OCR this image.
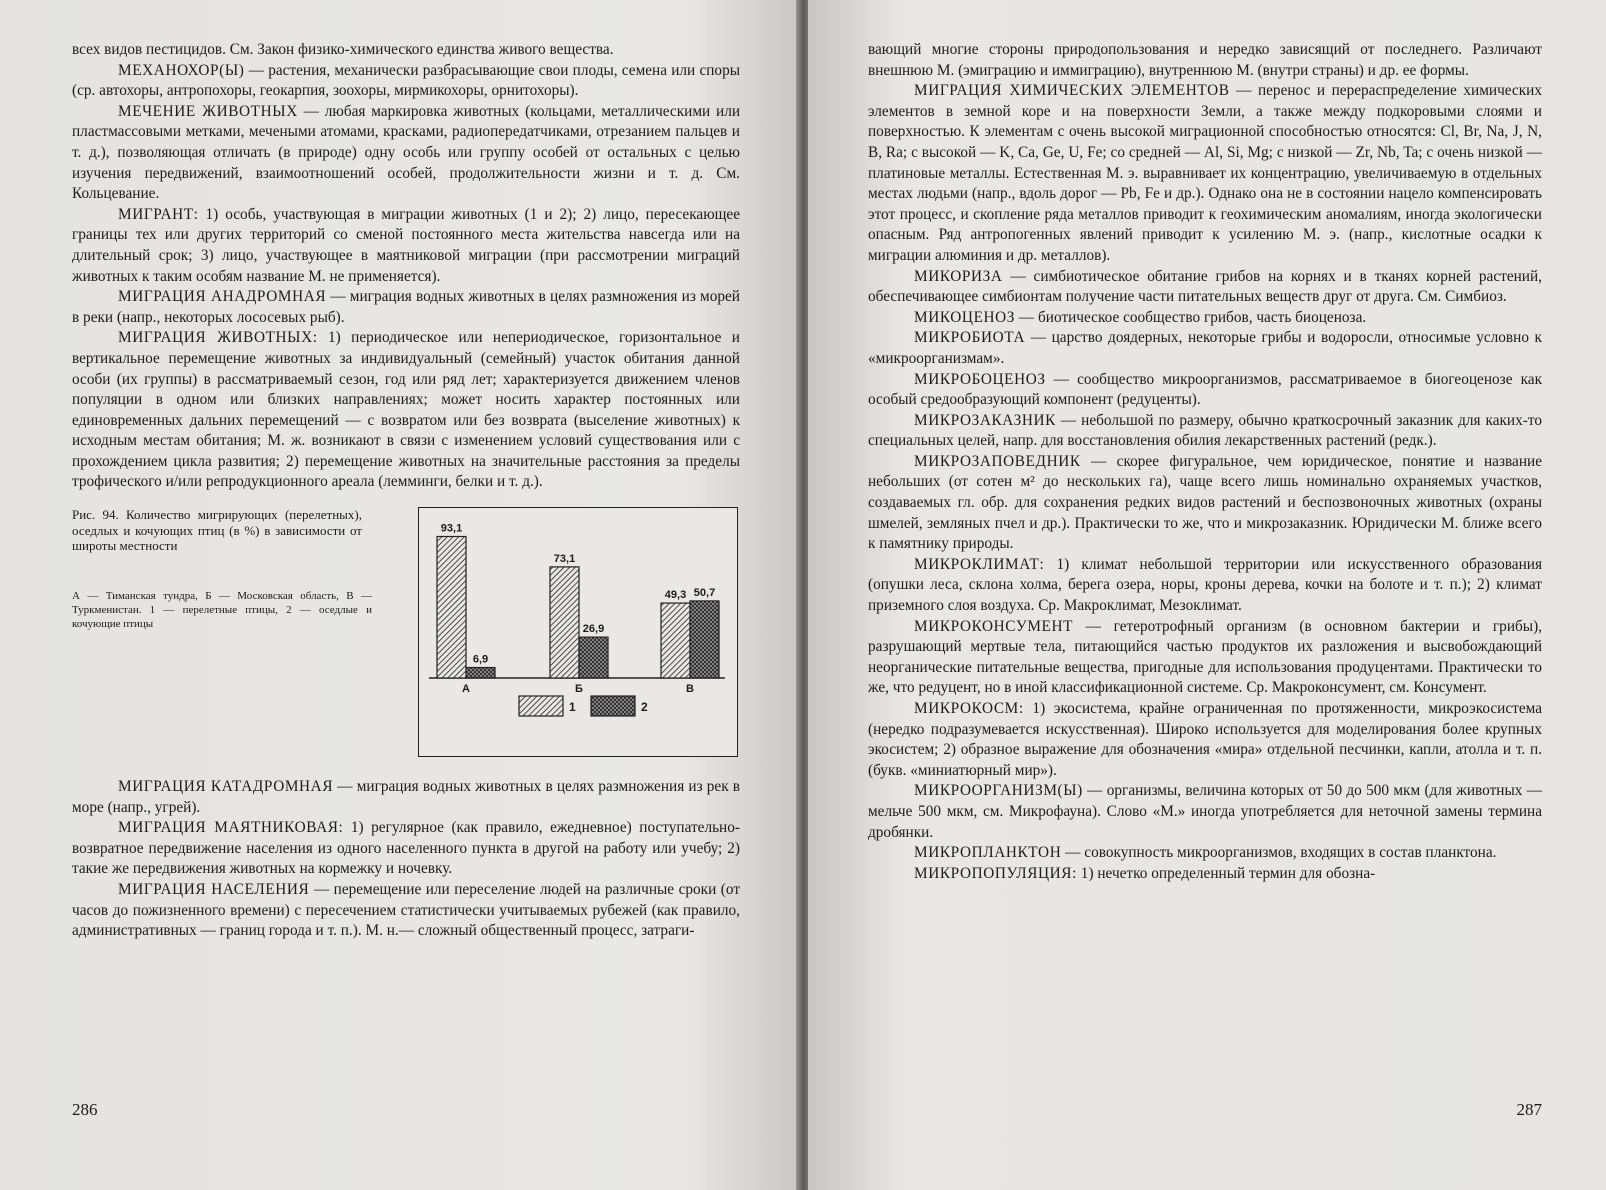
всех видов пестицидов. См. Закон физико-химического единства живого вещества.

МЕХАНОХОР(Ы) — растения, механически разбрасывающие свои плоды, семена или споры (ср. автохоры, антропохоры, геокарпия, зоохоры, мирмикохоры, орнитохоры).

МЕЧЕНИЕ ЖИВОТНЫХ — любая маркировка животных (кольцами, металлическими или пластмассовыми метками, мечеными атомами, красками, радиопередатчиками, отрезанием пальцев и т. д.), позволяющая отличать (в природе) одну особь или группу особей от остальных с целью изучения передвижений, взаимоотношений особей, продолжительности жизни и т. д. См. Кольцевание.

МИГРАНТ: 1) особь, участвующая в миграции животных (1 и 2); 2) лицо, пересекающее границы тех или других территорий со сменой постоянного места жительства навсегда или на длительный срок; 3) лицо, участвующее в маятниковой миграции (при рассмотрении миграций животных к таким особям название М. не применяется).

МИГРАЦИЯ АНАДРОМНАЯ — миграция водных животных в целях размножения из морей в реки (напр., некоторых лососевых рыб).

МИГРАЦИЯ ЖИВОТНЫХ: 1) периодическое или непериодическое, горизонтальное и вертикальное перемещение животных за индивидуальный (семейный) участок обитания данной особи (их группы) в рассматриваемый сезон, год или ряд лет; характеризуется движением членов популяции в одном или близких направлениях; может носить характер постоянных или единовременных дальних перемещений — с возвратом или без возврата (выселение животных) к исходным местам обитания; М. ж. возникают в связи с изменением условий существования или с прохождением цикла развития; 2) перемещение животных на значительные расстояния за пределы трофического и/или репродукционного ареала (лемминги, белки и т. д.).

Рис. 94. Количество мигрирующих (перелетных), оседлых и кочующих птиц (в %) в зависимости от широты местности
А — Тиманская тундра, Б — Московская область, В — Туркменистан. 1 — перелетные птицы, 2 — оседлые и кочующие птицы
93,1
6,9
А
73,1
26,9
Б
49,3 50,7
В
1	2

МИГРАЦИЯ КАТАДРОМНАЯ — миграция водных животных в целях размножения из рек в море (напр., угрей).

МИГРАЦИЯ МАЯТНИКОВАЯ: 1) регулярное (как правило, ежедневное) поступательно-возвратное передвижение населения из одного населенного пункта в другой на работу или учебу; 2) такие же передвижения животных на кормежку и ночевку.

МИГРАЦИЯ НАСЕЛЕНИЯ — перемещение или переселение людей на различные сроки (от часов до пожизненного времени) с пересечением статистически учитываемых рубежей (как правило, административных — границ города и т. п.). М. н.— сложный общественный процесс, затраги-

286

вающий многие стороны природопользования и нередко зависящий от последнего. Различают внешнюю М. (эмиграцию и иммиграцию), внутреннюю М. (внутри страны) и др. ее формы.

МИГРАЦИЯ ХИМИЧЕСКИХ ЭЛЕМЕНТОВ — перенос и перераспределение химических элементов в земной коре и на поверхности Земли, а также между подкоровыми слоями и поверхностью. К элементам с очень высокой миграционной способностью относятся: Cl, Br, Na, J, N, B, Ra; с высокой — K, Ca, Ge, U, Fe; со средней — Al, Si, Mg; с низкой — Zr, Nb, Ta; с очень низкой — платиновые металлы. Естественная М. э. выравнивает их концентрацию, увеличиваемую в отдельных местах людьми (напр., вдоль дорог — Pb, Fe и др.). Однако она не в состоянии нацело компенсировать этот процесс, и скопление ряда металлов приводит к геохимическим аномалиям, иногда экологически опасным. Ряд антропогенных явлений приводит к усилению М. э. (напр., кислотные осадки к миграции алюминия и др. металлов).

МИКОРИЗА — симбиотическое обитание грибов на корнях и в тканях корней растений, обеспечивающее симбионтам получение части питательных веществ друг от друга. См. Симбиоз.

МИКОЦЕНОЗ — биотическое сообщество грибов, часть биоценоза.

МИКРОБИОТА — царство доядерных, некоторые грибы и водоросли, относимые условно к «микроорганизмам».

МИКРОБОЦЕНОЗ — сообщество микроорганизмов, рассматриваемое в биогеоценозе как особый средообразующий компонент (редуценты).

МИКРОЗАКАЗНИК — небольшой по размеру, обычно краткосрочный заказник для каких-то специальных целей, напр. для восстановления обилия лекарственных растений (редк.).

МИКРОЗАПОВЕДНИК — скорее фигуральное, чем юридическое, понятие и название небольших (от сотен м² до нескольких га), чаще всего лишь номинально охраняемых участков, создаваемых гл. обр. для сохранения редких видов растений и беспозвоночных животных (охраны шмелей, земляных пчел и др.). Практически то же, что и микрозаказник. Юридически М. ближе всего к памятнику природы.

МИКРОКЛИМАТ: 1) климат небольшой территории или искусственного образования (опушки леса, склона холма, берега озера, норы, кроны дерева, кочки на болоте и т. п.); 2) климат приземного слоя воздуха. Ср. Макроклимат, Мезоклимат.

МИКРОКОНСУМЕНТ — гетеротрофный организм (в основном бактерии и грибы), разрушающий мертвые тела, питающийся частью продуктов их разложения и высвобождающий неорганические питательные вещества, пригодные для использования продуцентами. Практически то же, что редуцент, но в иной классификационной системе. Ср. Макроконсумент, см. Консумент.

МИКРОКОСМ: 1) экосистема, крайне ограниченная по протяженности, микроэкосистема (нередко подразумевается искусственная). Широко используется для моделирования более крупных экосистем; 2) образное выражение для обозначения «мира» отдельной песчинки, капли, атолла и т. п. (букв. «миниатюрный мир»).

МИКРООРГАНИЗМ(Ы) — организмы, величина которых от 50 до 500 мкм (для животных — мельче 500 мкм, см. Микрофауна). Слово «М.» иногда употребляется для неточной замены термина дробянки.

МИКРОПЛАНКТОН — совокупность микроорганизмов, входящих в состав планктона.

МИКРОПОПУЛЯЦИЯ: 1) нечетко определенный термин для обозна-

287
